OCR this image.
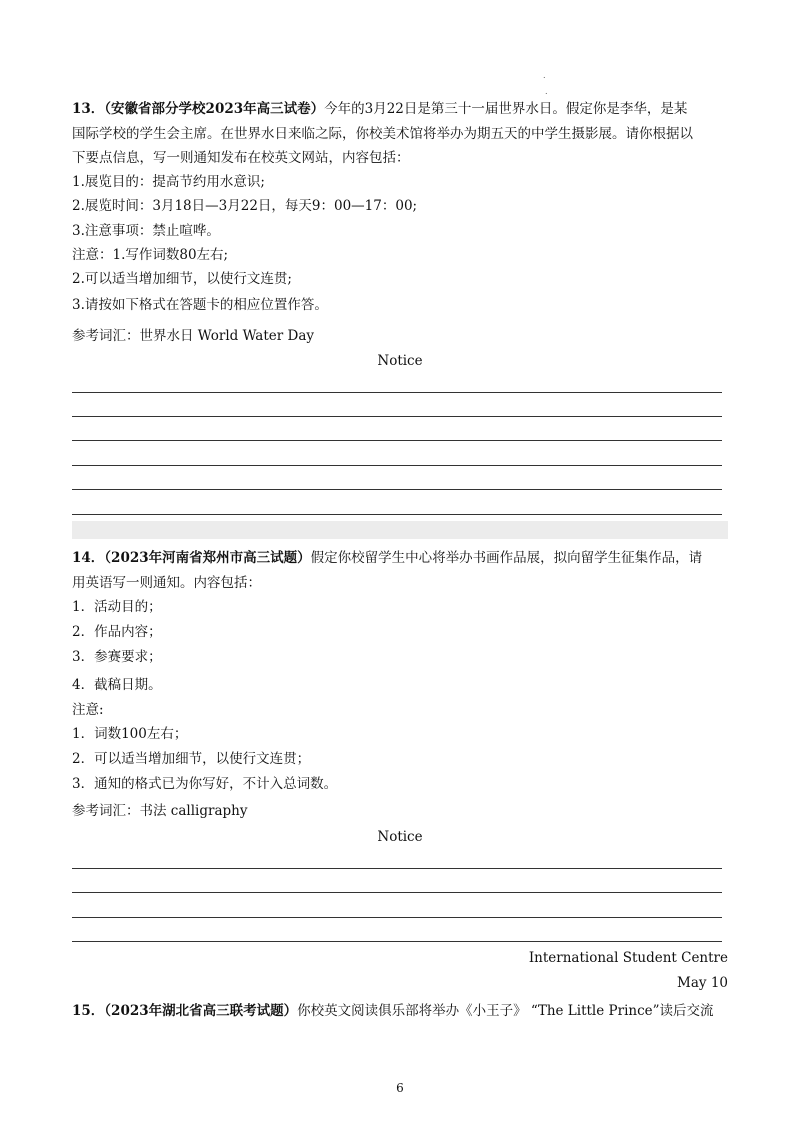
.
.
13．（安徽省部分学校2023年高三试卷）今年的3月22日是第三十一届世界水日。假定你是李华，是某
国际学校的学生会主席。在世界水日来临之际，你校美术馆将举办为期五天的中学生摄影展。请你根据以
下要点信息，写一则通知发布在校英文网站，内容包括：
1.展览目的：提高节约用水意识;
2.展览时间：3月18日—3月22日，每天9：00—17：00;
3.注意事项：禁止喧哗。
注意：1.写作词数80左右;
2.可以适当增加细节，以使行文连贯;
3.请按如下格式在答题卡的相应位置作答。
参考词汇：世界水日 World Water Day
Notice
14．（2023年河南省郑州市高三试题）假定你校留学生中心将举办书画作品展，拟向留学生征集作品，请
用英语写一则通知。内容包括：
1．活动目的；
2．作品内容；
3．参赛要求；
4．截稿日期。
注意:
1．词数100左右；
2．可以适当增加细节，以使行文连贯；
3．通知的格式已为你写好，不计入总词数。
参考词汇：书法 calligraphy
Notice
International Student Centre
May 10
15．（2023年湖北省高三联考试题）你校英文阅读俱乐部将举办《小王子》 “The Little Prince”读后交流
6
